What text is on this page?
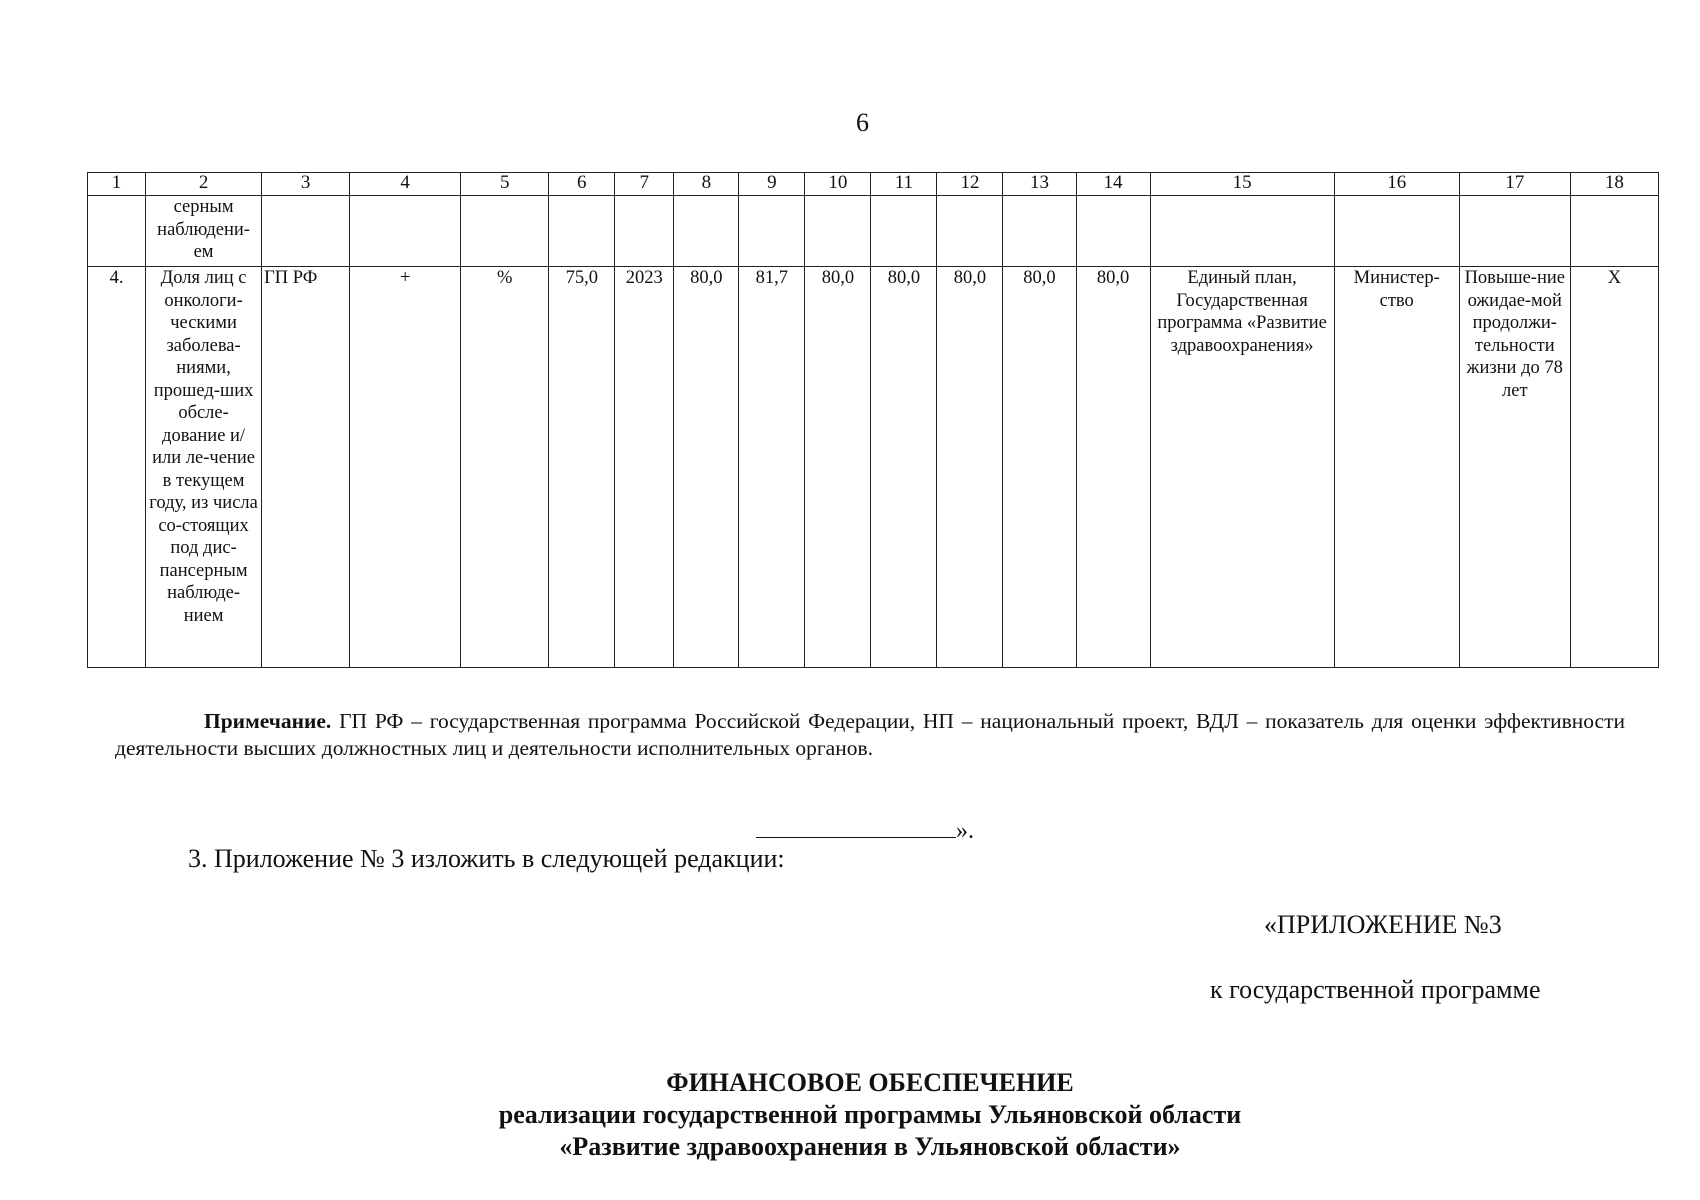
6
1	2	3	4	5	6	7	8	9	10	11	12	13	14	15	16	17	18
	серным наблюдени-ем																
4.	Доля лиц с онкологи-ческими заболева-ниями, прошед-ших обсле-дование и/или ле-чение в текущем году, из числа со-стоящих под дис-пансерным наблюде-нием	ГП РФ	+	%	75,0	2023	80,0	81,7	80,0	80,0	80,0	80,0	80,0	Единый план, Государственная программа «Развитие здравоохранения»	Министер-ство	Повыше-ние ожидае-мой продолжи-тельности жизни до 78 лет	Х
Примечание. ГП РФ – государственная программа Российской Федерации, НП – национальный проект, ВДЛ – показатель для оценки эффективности деятельности высших должностных лиц и деятельности исполнительных органов.
».
3. Приложение № 3 изложить в следующей редакции:
«ПРИЛОЖЕНИЕ №3
к государственной программе
ФИНАНСОВОЕ ОБЕСПЕЧЕНИЕ
реализации государственной программы Ульяновской области
«Развитие здравоохранения в Ульяновской области»
